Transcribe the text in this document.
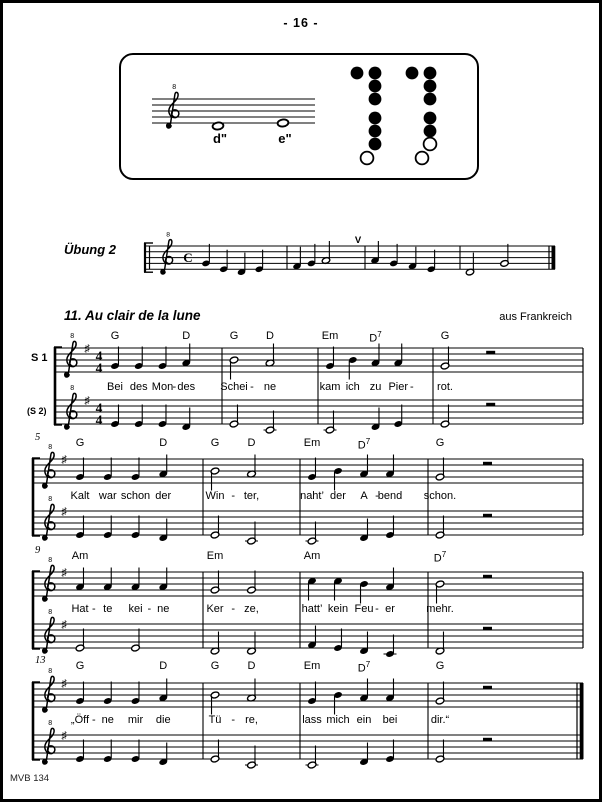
- 16 -
d"	e"
Übung 2
11. Au clair de la lune	aus Frankreich
S 1
(S 2)
8
8
C
V
8
8
♯
♯
4
4
4
4
8
8
♯
♯
8
8
♯
♯
8
8
♯
♯
G	D	G	D	Em	$D^7$	G
Bei des Mon - des Schei - ne	kam ich zu Pier - rot.
G	D	G	D	Em	$D^7$	G
Kalt war schon der	Win - ter,	naht’ der A -
bend schon.
5
Am	Em	Am	$D^7$
Hat - te kei - ne	Ker - ze,	hatt’ kein Feu - er	mehr.
9
G	D	G	D	Em	$D^7$	G
„Öff - ne mir die	Tü - re,	lass mich ein bei	dir.“
13
MVB 134
